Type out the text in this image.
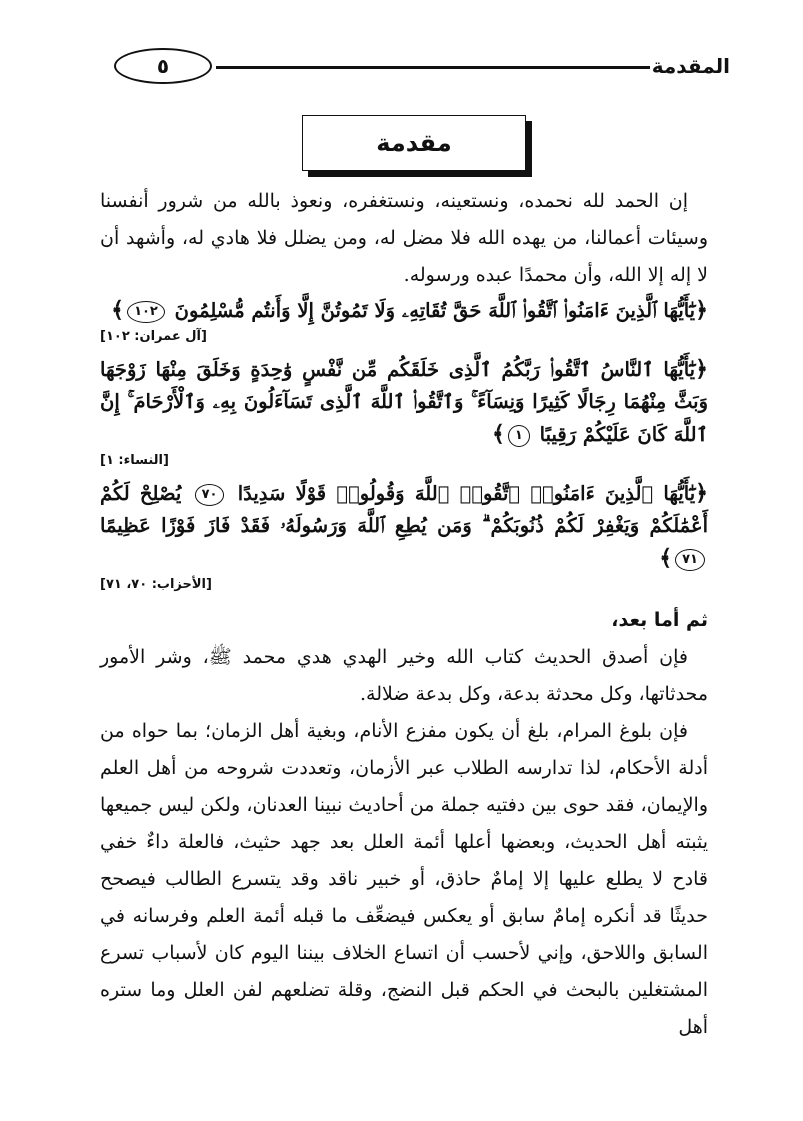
المقدمة
٥
مقدمة

إن الحمد لله نحمده، ونستعينه، ونستغفره، ونعوذ بالله من شرور أنفسنا وسيئات أعمالنا، من يهده الله فلا مضل له، ومن يضلل فلا هادي له، وأشهد أن لا إله إلا الله، وأن محمدًا عبده ورسوله.

﴿يَٰٓأَيُّهَا ٱلَّذِينَ ءَامَنُوا۟ ٱتَّقُوا۟ ٱللَّهَ حَقَّ تُقَاتِهِۦ وَلَا تَمُوتُنَّ إِلَّا وَأَنتُم مُّسْلِمُونَ ١٠٢﴾

[آل عمران: ١٠٢]

﴿يَٰٓأَيُّهَا ٱلنَّاسُ ٱتَّقُوا۟ رَبَّكُمُ ٱلَّذِى خَلَقَكُم مِّن نَّفْسٍ وَٰحِدَةٍ وَخَلَقَ مِنْهَا زَوْجَهَا وَبَثَّ مِنْهُمَا رِجَالًا كَثِيرًا وَنِسَآءً ۚ وَٱتَّقُوا۟ ٱللَّهَ ٱلَّذِى تَسَآءَلُونَ بِهِۦ وَٱلْأَرْحَامَ ۚ إِنَّ ٱللَّهَ كَانَ عَلَيْكُمْ رَقِيبًا ١﴾

[النساء: ١]

﴿يَٰٓأَيُّهَا ٱلَّذِينَ ءَامَنُوا۟ ٱتَّقُوا۟ ٱللَّهَ وَقُولُوا۟ قَوْلًا سَدِيدًا ٧٠ يُصْلِحْ لَكُمْ أَعْمَٰلَكُمْ وَيَغْفِرْ لَكُمْ ذُنُوبَكُمْ ۗ وَمَن يُطِعِ ٱللَّهَ وَرَسُولَهُۥ فَقَدْ فَازَ فَوْزًا عَظِيمًا ٧١﴾

[الأحزاب: ٧٠، ٧١]

ثم أما بعد،

فإن أصدق الحديث كتاب الله وخير الهدي هدي محمد ﷺ، وشر الأمور محدثاتها، وكل محدثة بدعة، وكل بدعة ضلالة.

فإن بلوغ المرام، بلغ أن يكون مفزع الأنام، وبغية أهل الزمان؛ بما حواه من أدلة الأحكام، لذا تدارسه الطلاب عبر الأزمان، وتعددت شروحه من أهل العلم والإيمان، فقد حوى بين دفتيه جملة من أحاديث نبينا العدنان، ولكن ليس جميعها يثبته أهل الحديث، وبعضها أعلها أئمة العلل بعد جهد حثيث، فالعلة داءٌ خفي قادح لا يطلع عليها إلا إمامٌ حاذق، أو خبير ناقد وقد يتسرع الطالب فيصحح حديثًا قد أنكره إمامٌ سابق أو يعكس فيضعِّف ما قبله أئمة العلم وفرسانه في السابق واللاحق، وإني لأحسب أن اتساع الخلاف بيننا اليوم كان لأسباب تسرع المشتغلين بالبحث في الحكم قبل النضج، وقلة تضلعهم لفن العلل وما ستره أهل
